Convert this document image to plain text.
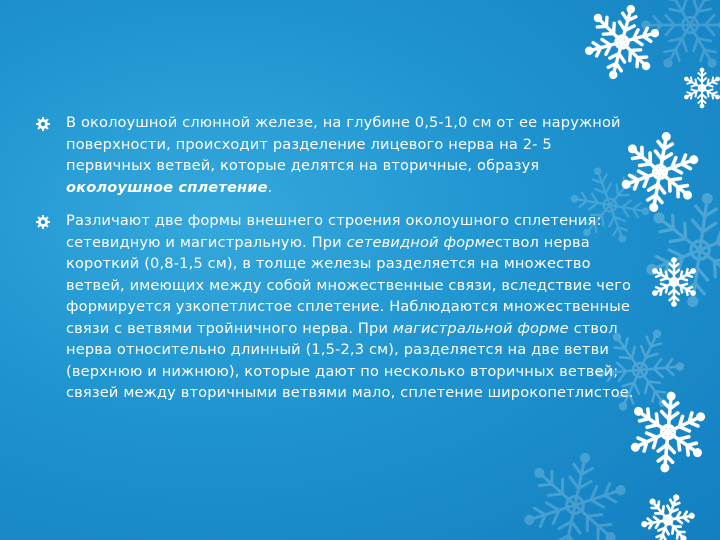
В околоушной слюнной железе, на глубине 0,5-1,0 см от ее наружной поверхности, происходит разделение лицевого нерва на 2- 5 первичных ветвей, которые делятся на вторичные, образуя околоушное сплетение.
Различают две формы внешнего строения околоушного сплетения: сетевидную и магистральную. При сетевидной формествол нерва короткий (0,8-1,5 см), в толще железы разделяется на множество ветвей, имеющих между собой множественные связи, вследствие чего формируется узкопетлистое сплетение. Наблюдаются множественные связи с ветвями тройничного нерва. При магистральной форме ствол нерва относительно длинный (1,5-2,3 см), разделяется на две ветви (верхнюю и нижнюю), которые дают по несколько вторичных ветвей; связей между вторичными ветвями мало, сплетение широкопетлистое.
